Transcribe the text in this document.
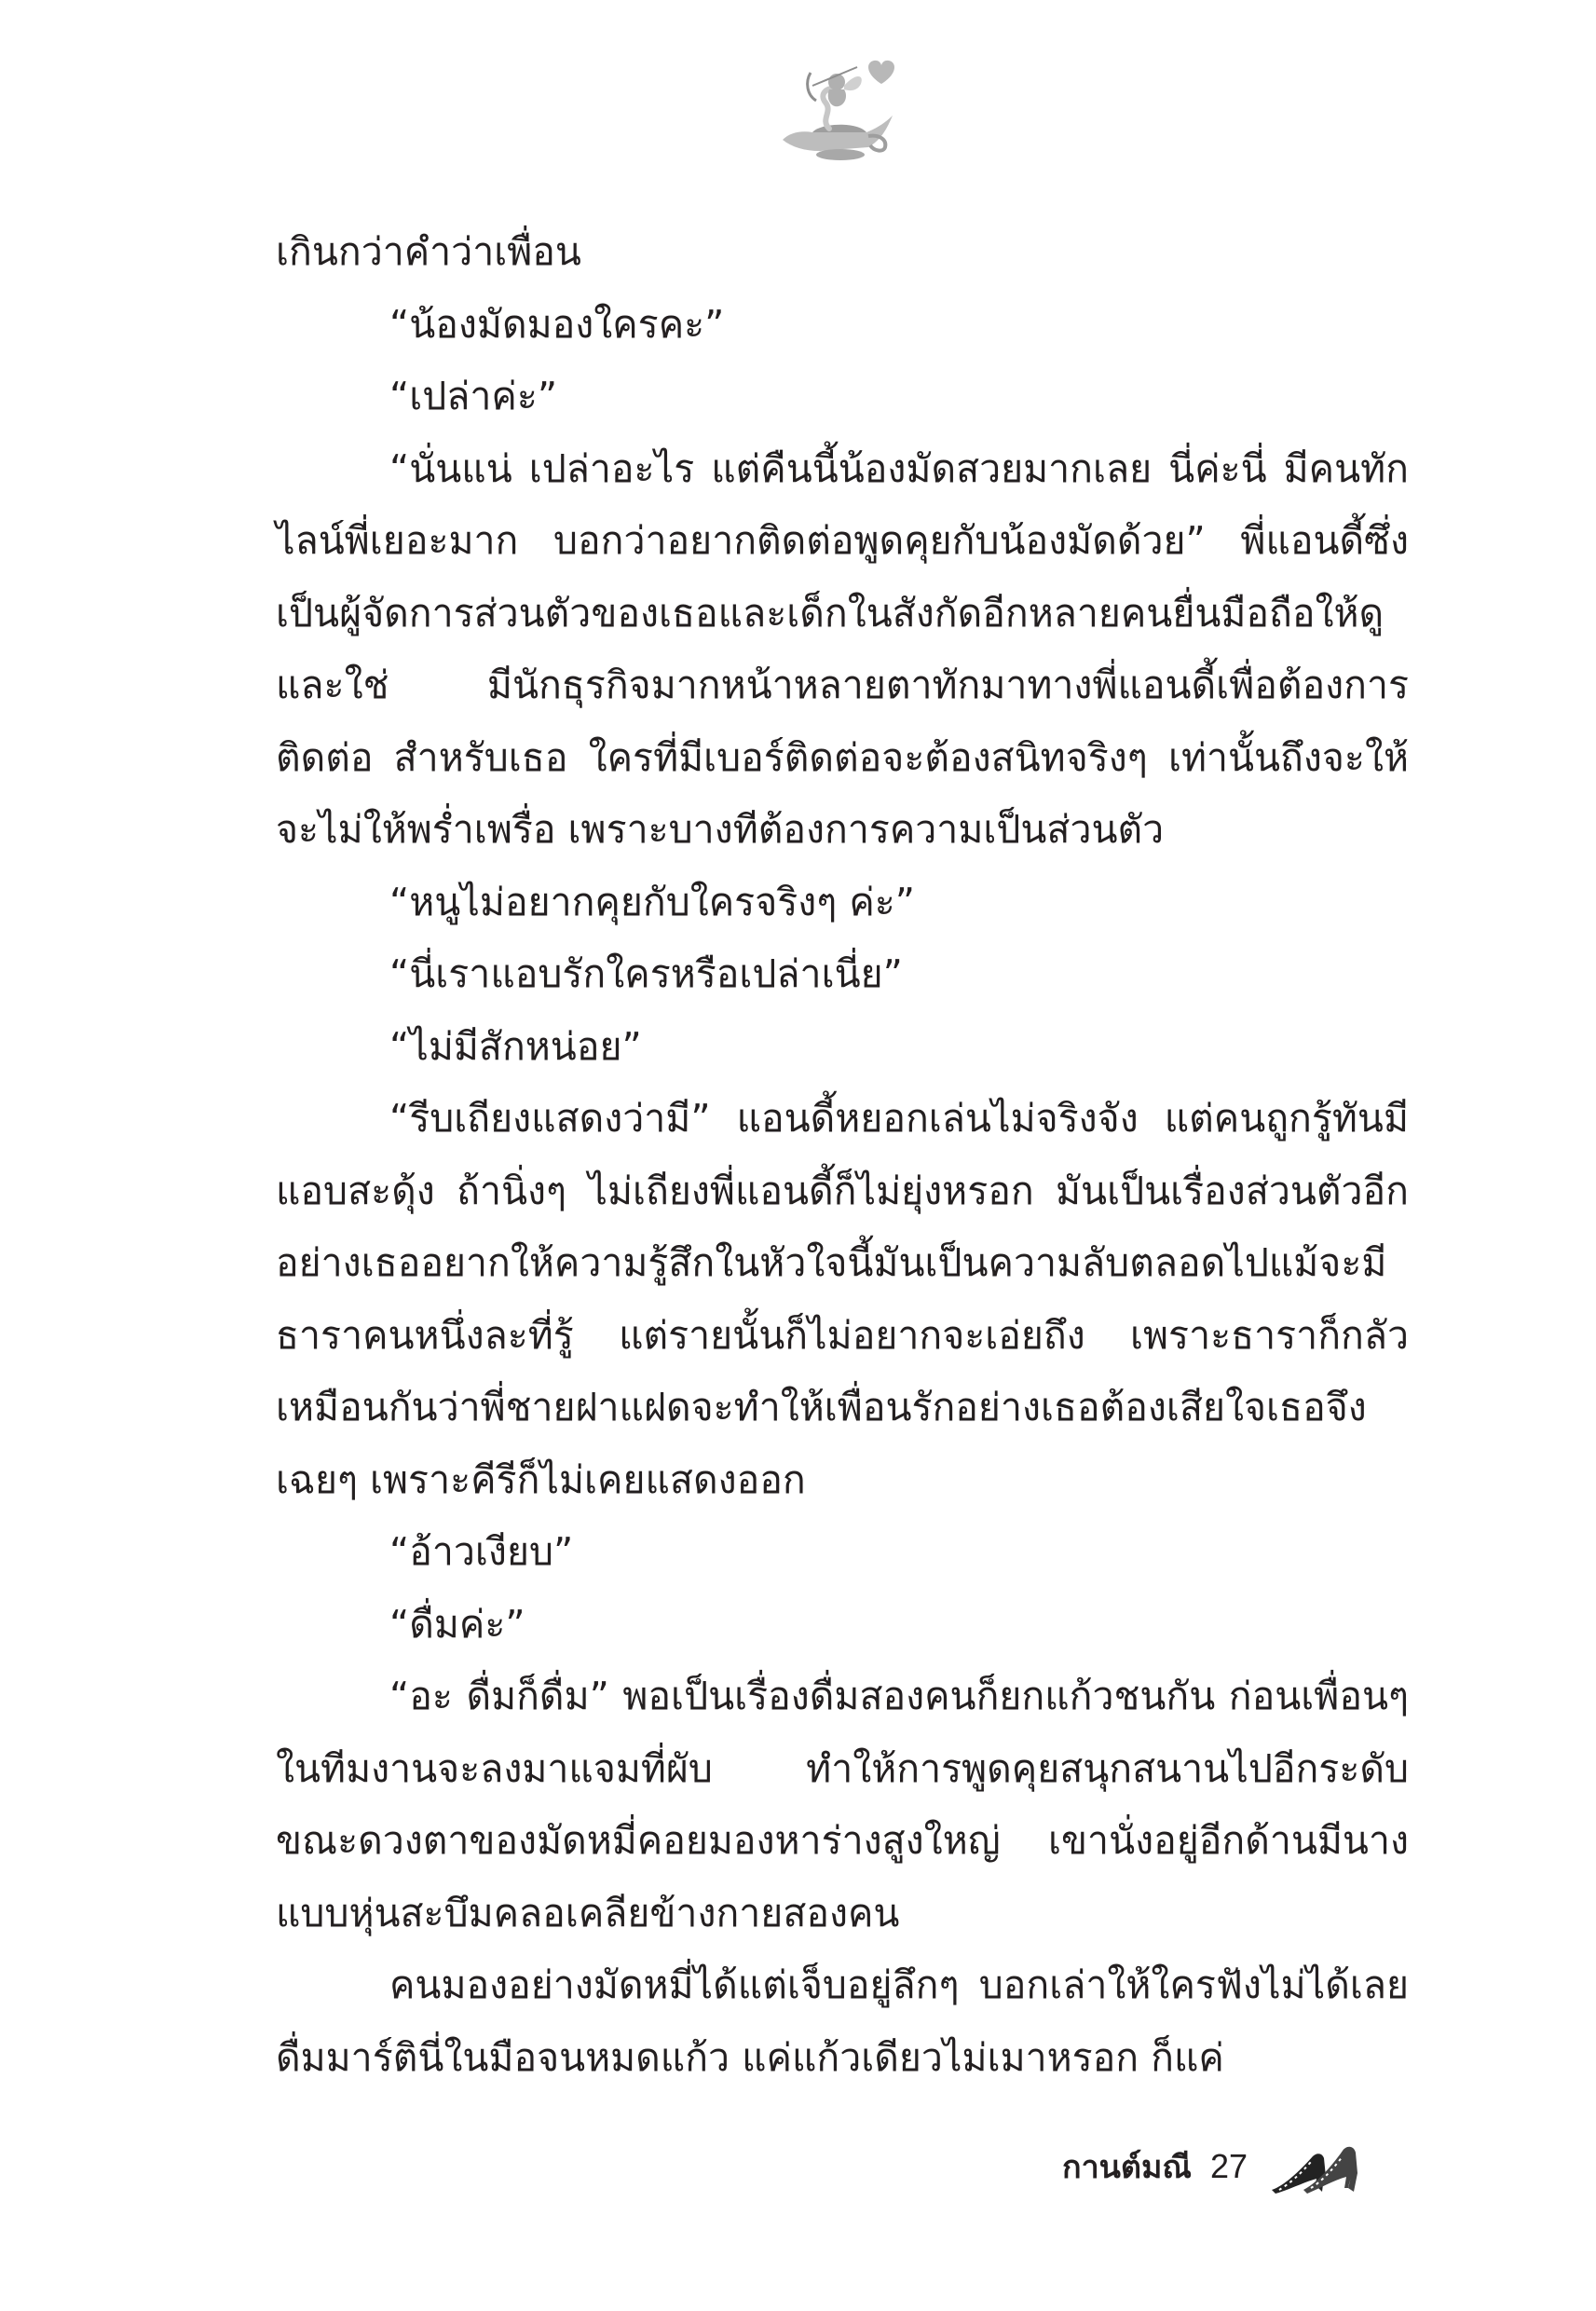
เกินกว่าคำว่าเพื่อน

“น้องมัดมองใครคะ”

“เปล่าค่ะ”

“นั่นแน่ เปล่าอะไร แต่คืนนี้น้องมัดสวยมากเลย นี่ค่ะนี่ มีคนทักไลน์พี่เยอะมาก บอกว่าอยากติดต่อพูดคุยกับน้องมัดด้วย” พี่แอนดี้ซึ่งเป็นผู้จัดการส่วนตัวของเธอและเด็กในสังกัดอีกหลายคนยื่นมือถือให้ดู และใช่ มีนักธุรกิจมากหน้าหลายตาทักมาทางพี่แอนดี้เพื่อต้องการติดต่อ สำหรับเธอ ใครที่มีเบอร์ติดต่อจะต้องสนิทจริงๆ เท่านั้นถึงจะให้จะไม่ให้พร่ำเพรื่อ เพราะบางทีต้องการความเป็นส่วนตัว

“หนูไม่อยากคุยกับใครจริงๆ ค่ะ”

“นี่เราแอบรักใครหรือเปล่าเนี่ย”

“ไม่มีสักหน่อย”

“รีบเถียงแสดงว่ามี” แอนดี้หยอกเล่นไม่จริงจัง แต่คนถูกรู้ทันมีแอบสะดุ้ง ถ้านิ่งๆ ไม่เถียงพี่แอนดี้ก็ไม่ยุ่งหรอก มันเป็นเรื่องส่วนตัวอีกอย่างเธออยากให้ความรู้สึกในหัวใจนี้มันเป็นความลับตลอดไปแม้จะมีธาราคนหนึ่งละที่รู้ แต่รายนั้นก็ไม่อยากจะเอ่ยถึง เพราะธาราก็กลัวเหมือนกันว่าพี่ชายฝาแฝดจะทำให้เพื่อนรักอย่างเธอต้องเสียใจเธอจึงเฉยๆ เพราะคีรีก็ไม่เคยแสดงออก

“อ้าวเงียบ”

“ดื่มค่ะ”

“อะ ดื่มก็ดื่ม” พอเป็นเรื่องดื่มสองคนก็ยกแก้วชนกัน ก่อนเพื่อนๆ ในทีมงานจะลงมาแจมที่ผับ ทำให้การพูดคุยสนุกสนานไปอีกระดับ ขณะดวงตาของมัดหมี่คอยมองหาร่างสูงใหญ่ เขานั่งอยู่อีกด้านมีนางแบบหุ่นสะบึมคลอเคลียข้างกายสองคน

คนมองอย่างมัดหมี่ได้แต่เจ็บอยู่ลึกๆ บอกเล่าให้ใครฟังไม่ได้เลยดื่มมาร์ตินี่ในมือจนหมดแก้ว แค่แก้วเดียวไม่เมาหรอก ก็แค่

กานต์มณี 27
